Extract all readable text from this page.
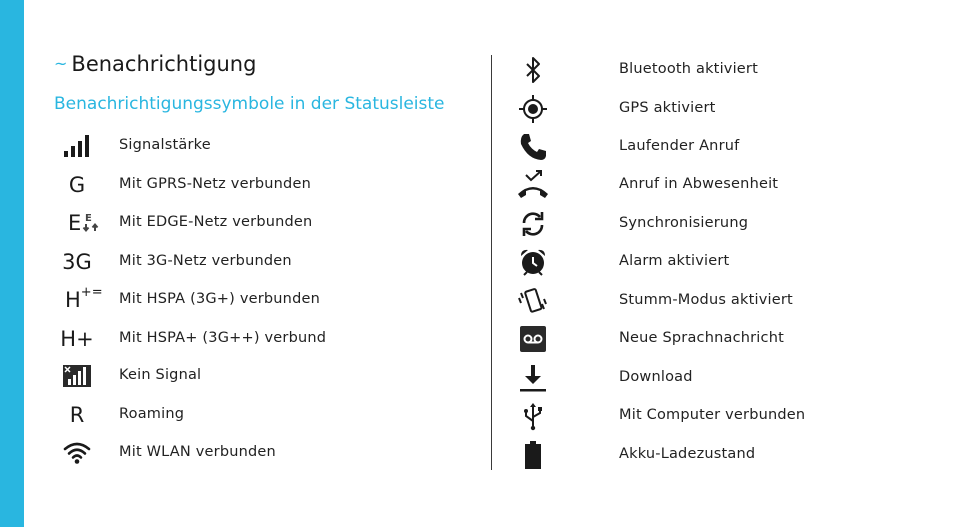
~ Benachrichtigung
Benachrichtigungssymbole in der Statusleiste
Signalstärke
G Mit GPRS-Netz verbunden
E E Mit EDGE-Netz verbunden
3G Mit 3G-Netz verbunden
H += Mit HSPA (3G+) verbunden
H+ Mit HSPA+ (3G++) verbund
Kein Signal
R Roaming
Mit WLAN verbunden
Bluetooth aktiviert
GPS aktiviert
Laufender Anruf
Anruf in Abwesenheit
Synchronisierung
Alarm aktiviert
Stumm-Modus aktiviert
Neue Sprachnachricht
Download
Mit Computer verbunden
Akku-Ladezustand
